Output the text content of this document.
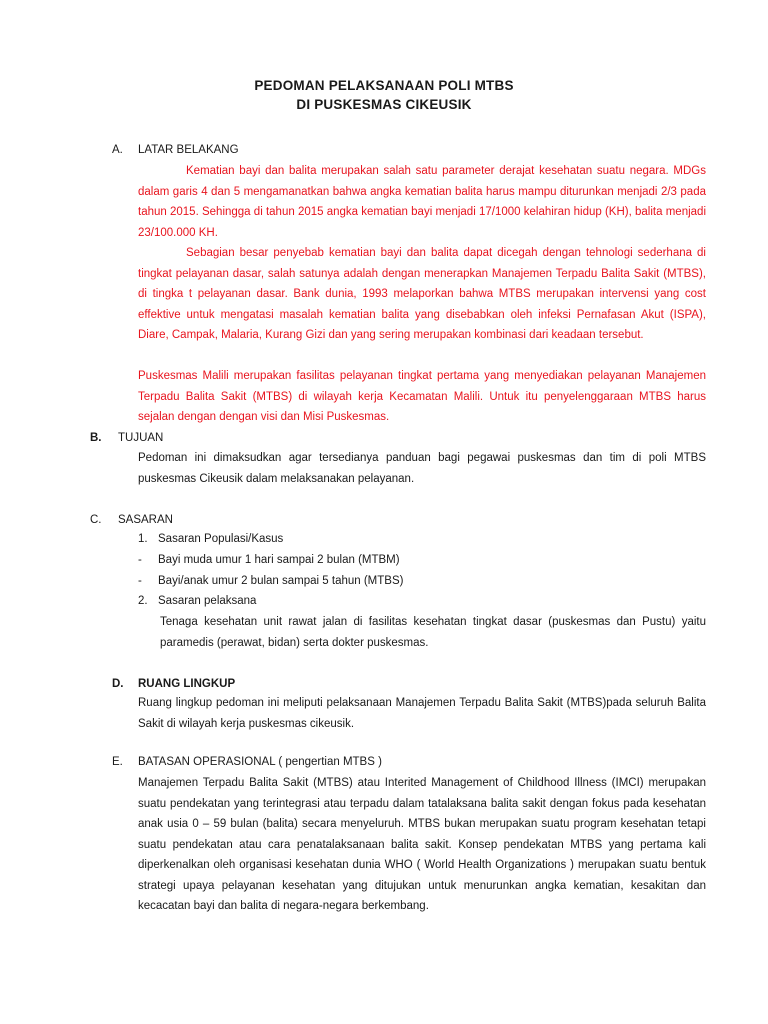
PEDOMAN PELAKSANAAN POLI MTBS
DI PUSKESMAS CIKEUSIK
A. LATAR BELAKANG
Kematian bayi dan balita merupakan salah satu parameter derajat kesehatan suatu negara. MDGs dalam garis 4 dan 5 mengamanatkan bahwa angka kematian balita harus mampu diturunkan menjadi 2/3 pada tahun 2015. Sehingga di tahun 2015 angka kematian bayi menjadi 17/1000 kelahiran hidup (KH), balita menjadi 23/100.000 KH.
Sebagian besar penyebab kematian bayi dan balita dapat dicegah dengan tehnologi sederhana di tingkat pelayanan dasar, salah satunya adalah dengan menerapkan Manajemen Terpadu Balita Sakit (MTBS), di tingka t pelayanan dasar. Bank dunia, 1993 melaporkan bahwa MTBS merupakan intervensi yang cost effektive untuk mengatasi masalah kematian balita yang disebabkan oleh infeksi Pernafasan Akut (ISPA), Diare, Campak, Malaria, Kurang Gizi dan yang sering merupakan kombinasi dari keadaan tersebut.
Puskesmas Malili merupakan fasilitas pelayanan tingkat pertama yang menyediakan pelayanan Manajemen Terpadu Balita Sakit (MTBS) di wilayah kerja Kecamatan Malili. Untuk itu penyelenggaraan MTBS harus sejalan dengan dengan visi dan Misi Puskesmas.
B. TUJUAN
Pedoman ini dimaksudkan agar tersedianya panduan bagi pegawai puskesmas dan tim di poli MTBS puskesmas Cikeusik dalam melaksanakan pelayanan.
C. SASARAN
1. Sasaran Populasi/Kasus
- Bayi muda umur 1 hari sampai 2 bulan (MTBM)
- Bayi/anak umur 2 bulan sampai 5 tahun (MTBS)
2. Sasaran pelaksana
Tenaga kesehatan unit rawat jalan di fasilitas kesehatan tingkat dasar (puskesmas dan Pustu) yaitu paramedis (perawat, bidan) serta dokter puskesmas.
D. RUANG LINGKUP
Ruang lingkup pedoman ini meliputi pelaksanaan Manajemen Terpadu Balita Sakit (MTBS)pada seluruh Balita Sakit di wilayah kerja puskesmas cikeusik.
E. BATASAN OPERASIONAL ( pengertian MTBS )
Manajemen Terpadu Balita Sakit (MTBS) atau Interited Management of Childhood Illness (IMCI) merupakan suatu pendekatan yang terintegrasi atau terpadu dalam tatalaksana balita sakit dengan fokus pada kesehatan anak usia 0 – 59 bulan (balita) secara menyeluruh. MTBS bukan merupakan suatu program kesehatan tetapi suatu pendekatan atau cara penatalaksanaan balita sakit. Konsep pendekatan MTBS yang pertama kali diperkenalkan oleh organisasi kesehatan dunia WHO ( World Health Organizations ) merupakan suatu bentuk strategi upaya pelayanan kesehatan yang ditujukan untuk menurunkan angka kematian, kesakitan dan kecacatan bayi dan balita di negara-negara berkembang.
